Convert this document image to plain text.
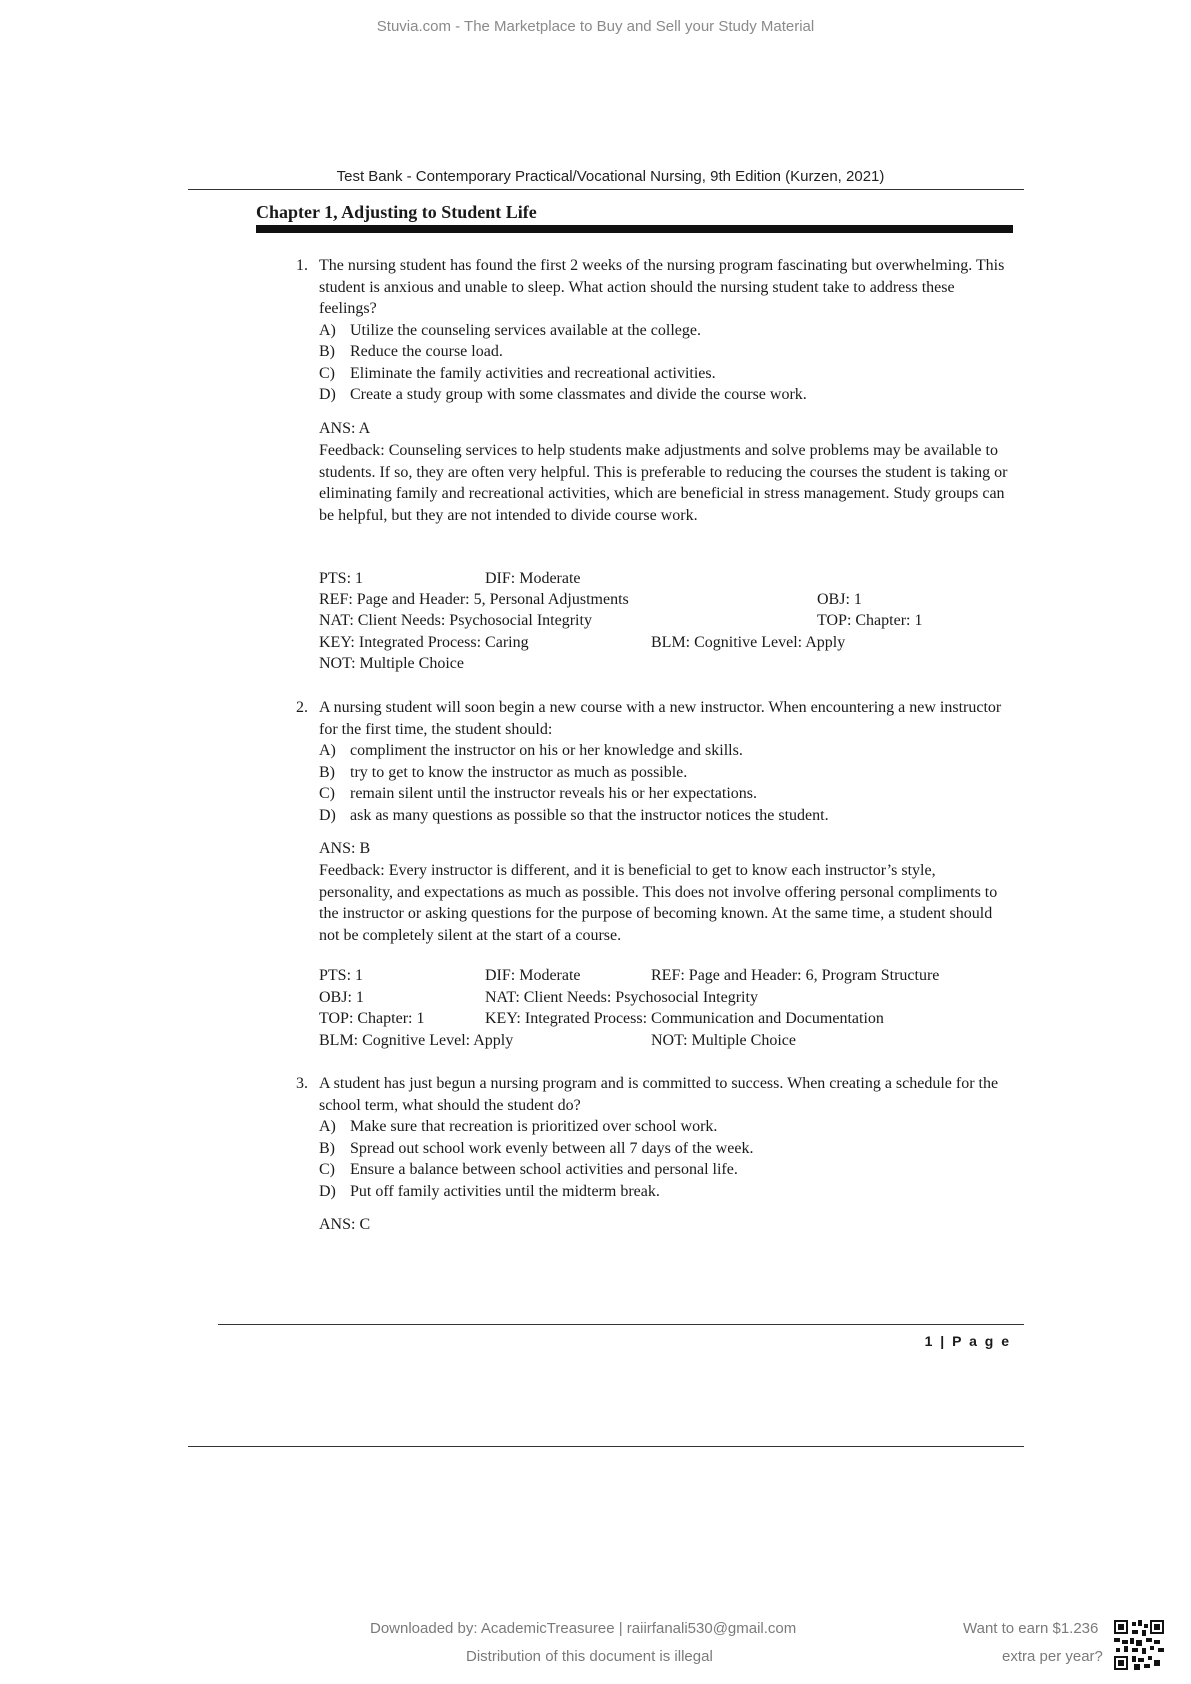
Stuvia.com - The Marketplace to Buy and Sell your Study Material
Test Bank - Contemporary Practical/Vocational Nursing, 9th Edition (Kurzen, 2021)
Chapter 1, Adjusting to Student Life
1. The nursing student has found the first 2 weeks of the nursing program fascinating but overwhelming. This student is anxious and unable to sleep. What action should the nursing student take to address these feelings?
A) Utilize the counseling services available at the college.
B) Reduce the course load.
C) Eliminate the family activities and recreational activities.
D) Create a study group with some classmates and divide the course work.
ANS: A
Feedback: Counseling services to help students make adjustments and solve problems may be available to students. If so, they are often very helpful. This is preferable to reducing the courses the student is taking or eliminating family and recreational activities, which are beneficial in stress management. Study groups can be helpful, but they are not intended to divide course work.
PTS: 1	DIF: Moderate
REF: Page and Header: 5, Personal Adjustments	OBJ: 1
NAT: Client Needs: Psychosocial Integrity	TOP: Chapter: 1
KEY: Integrated Process: Caring	BLM: Cognitive Level: Apply
NOT: Multiple Choice
2. A nursing student will soon begin a new course with a new instructor. When encountering a new instructor for the first time, the student should:
A) compliment the instructor on his or her knowledge and skills.
B) try to get to know the instructor as much as possible.
C) remain silent until the instructor reveals his or her expectations.
D) ask as many questions as possible so that the instructor notices the student.
ANS: B
Feedback: Every instructor is different, and it is beneficial to get to know each instructor’s style, personality, and expectations as much as possible. This does not involve offering personal compliments to the instructor or asking questions for the purpose of becoming known. At the same time, a student should not be completely silent at the start of a course.
PTS: 1	DIF: Moderate	REF: Page and Header: 6, Program Structure
OBJ: 1	NAT: Client Needs: Psychosocial Integrity
TOP: Chapter: 1	KEY: Integrated Process: Communication and Documentation
BLM: Cognitive Level: Apply	NOT: Multiple Choice
3. A student has just begun a nursing program and is committed to success. When creating a schedule for the school term, what should the student do?
A) Make sure that recreation is prioritized over school work.
B) Spread out school work evenly between all 7 days of the week.
C) Ensure a balance between school activities and personal life.
D) Put off family activities until the midterm break.
ANS: C
1 | P a g e
Downloaded by: AcademicTreasuree | raiirfanali530@gmail.com
Distribution of this document is illegal
Want to earn $1.236
extra per year?
